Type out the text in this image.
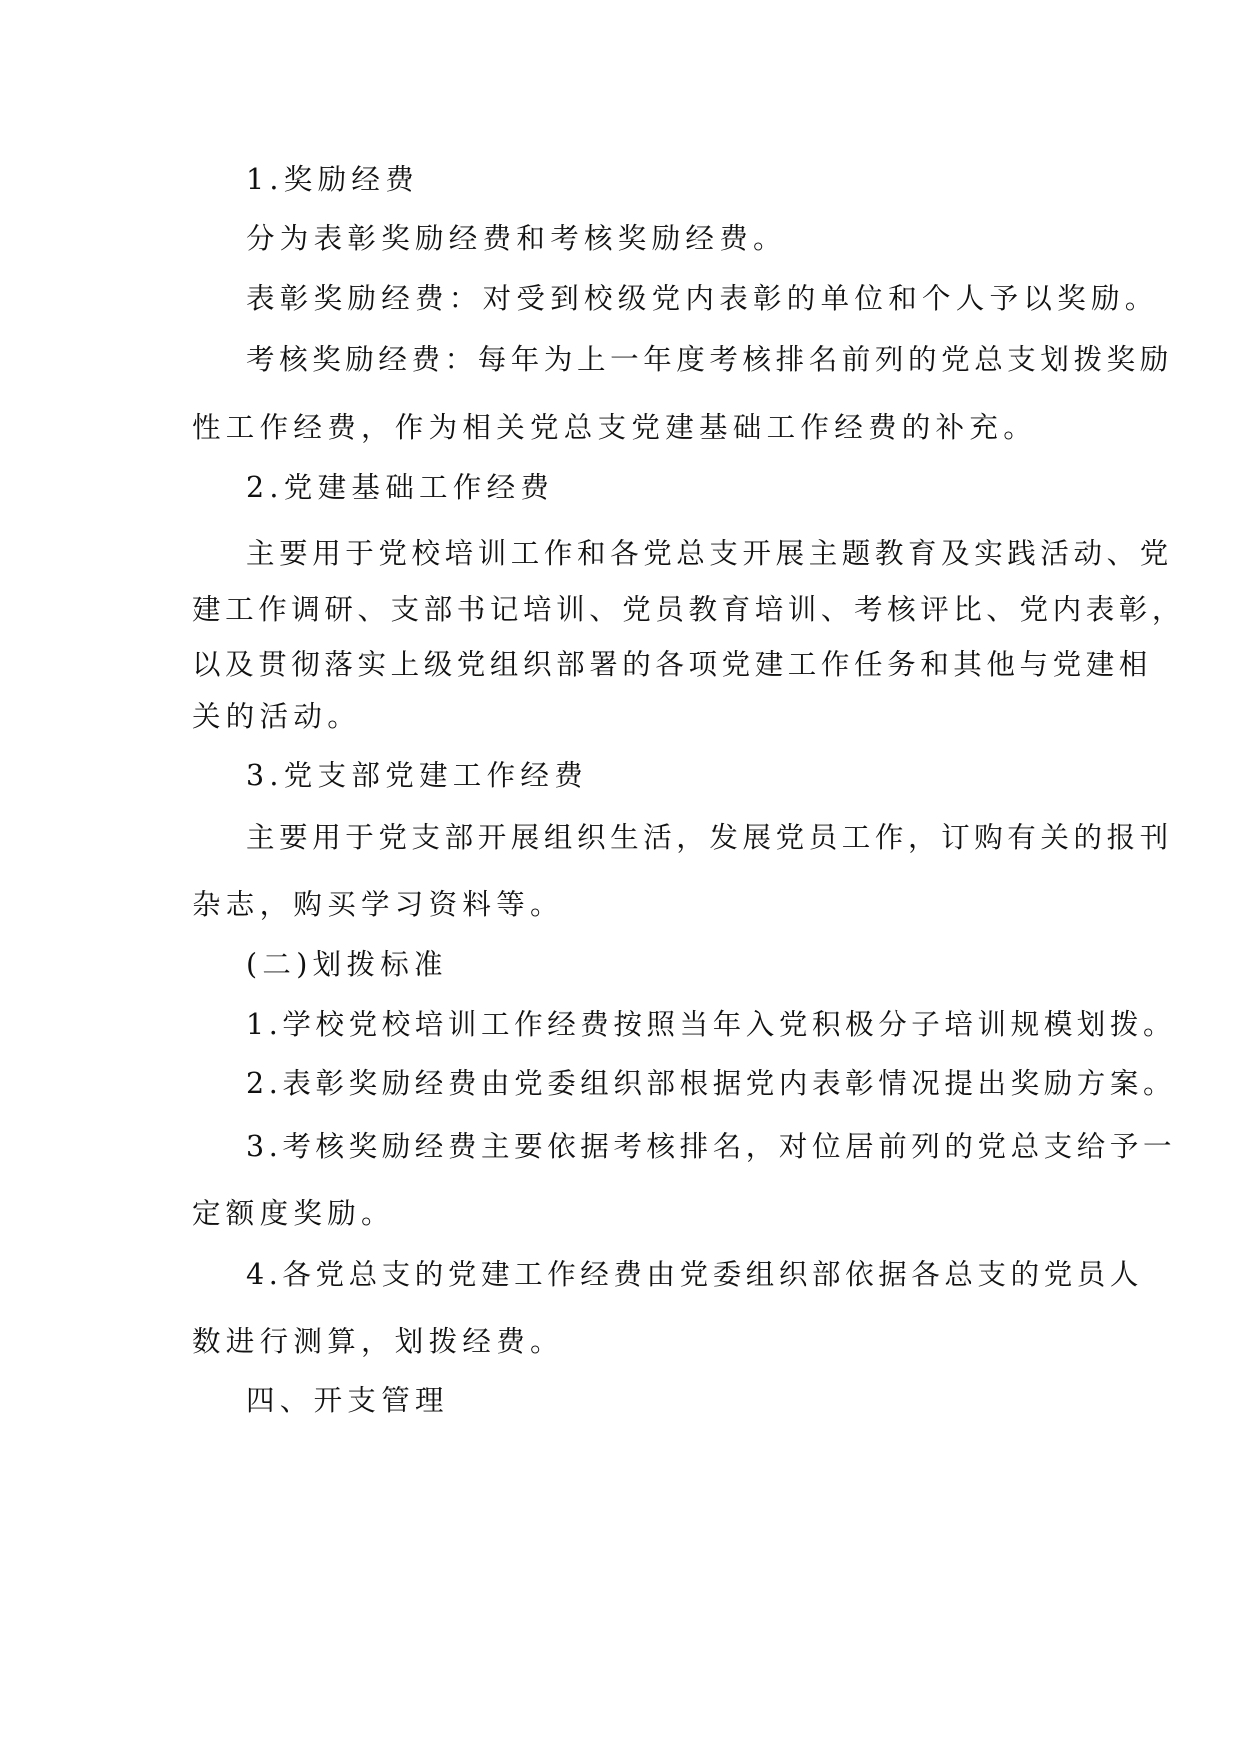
1.奖励经费
分为表彰奖励经费和考核奖励经费。
表彰奖励经费：对受到校级党内表彰的单位和个人予以奖励。
考核奖励经费：每年为上一年度考核排名前列的党总支划拨奖励
性工作经费，作为相关党总支党建基础工作经费的补充。
2.党建基础工作经费
主要用于党校培训工作和各党总支开展主题教育及实践活动、党
建工作调研、支部书记培训、党员教育培训、考核评比、党内表彰，
以及贯彻落实上级党组织部署的各项党建工作任务和其他与党建相
关的活动。
3.党支部党建工作经费
主要用于党支部开展组织生活，发展党员工作，订购有关的报刊
杂志，购买学习资料等。
(二)划拨标准
1.学校党校培训工作经费按照当年入党积极分子培训规模划拨。
2.表彰奖励经费由党委组织部根据党内表彰情况提出奖励方案。
3.考核奖励经费主要依据考核排名，对位居前列的党总支给予一
定额度奖励。
4.各党总支的党建工作经费由党委组织部依据各总支的党员人
数进行测算，划拨经费。
四、开支管理
